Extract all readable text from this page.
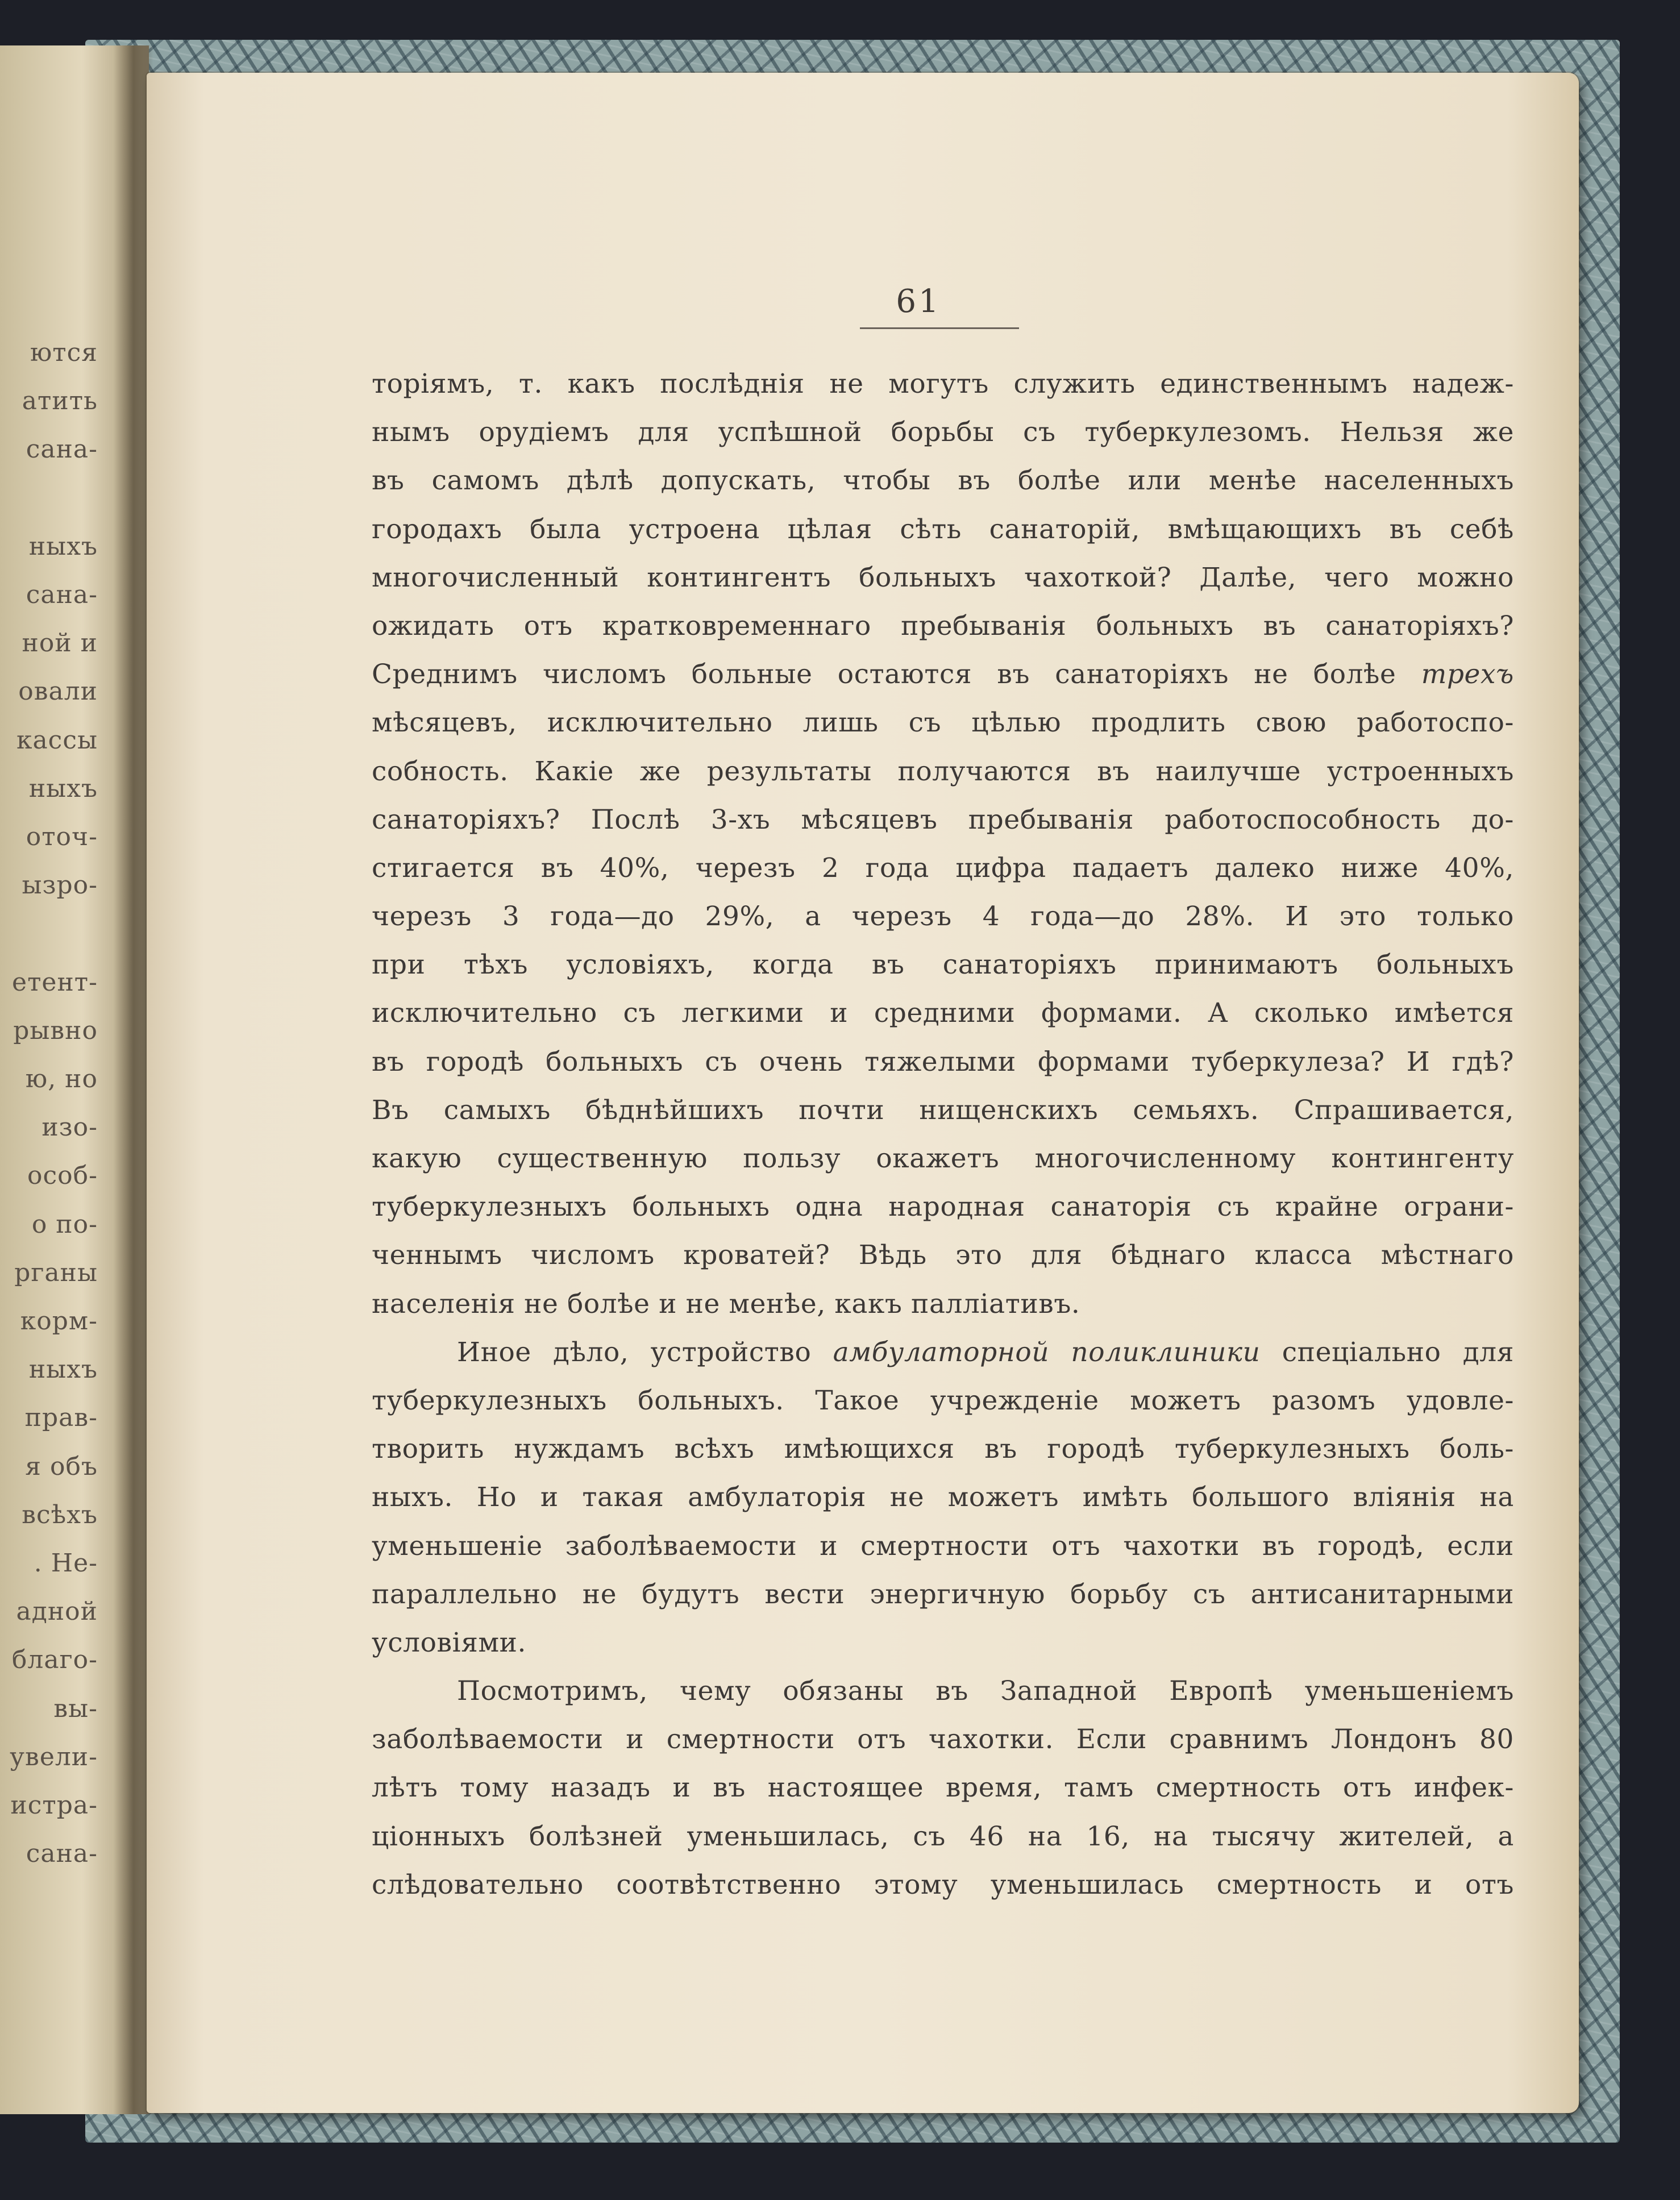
ются
атить
сана-
ныхъ
сана-
ной и
овали
кассы
ныхъ
оточ-
ызро-
етент-
рывно
ю, но
изо-
особ-
о по-
рганы
корм-
ныхъ
прав-
я объ
всѣхъ
. Не-
адной
благо-
вы-
увели-
истра-
сана-
61
торіямъ, т. какъ послѣднія не могутъ служить единственнымъ надеж-
нымъ орудіемъ для успѣшной борьбы съ туберкулезомъ. Нельзя же
въ самомъ дѣлѣ допускать, чтобы въ болѣе или менѣе населенныхъ
городахъ была устроена цѣлая сѣть санаторій, вмѣщающихъ въ себѣ
многочисленный контингентъ больныхъ чахоткой? Далѣе, чего можно
ожидать отъ кратковременнаго пребыванія больныхъ въ санаторіяхъ?
Среднимъ числомъ больные остаются въ санаторіяхъ не болѣе трехъ
мѣсяцевъ, исключительно лишь съ цѣлью продлить свою работоспо-
собность. Какіе же результаты получаются въ наилучше устроенныхъ
санаторіяхъ? Послѣ 3-хъ мѣсяцевъ пребыванія работоспособность до-
стигается въ 40%, черезъ 2 года цифра падаетъ далеко ниже 40%,
черезъ 3 года—до 29%, а черезъ 4 года—до 28%. И это только
при тѣхъ условіяхъ, когда въ санаторіяхъ принимаютъ больныхъ
исключительно съ легкими и средними формами. А сколько имѣется
въ городѣ больныхъ съ очень тяжелыми формами туберкулеза? И гдѣ?
Въ самыхъ бѣднѣйшихъ почти нищенскихъ семьяхъ. Спрашивается,
какую существенную пользу окажетъ многочисленному контингенту
туберкулезныхъ больныхъ одна народная санаторія съ крайне ограни-
ченнымъ числомъ кроватей? Вѣдь это для бѣднаго класса мѣстнаго
населенія не болѣе и не менѣе, какъ палліативъ.
Иное дѣло, устройство амбулаторной поликлиники спеціально для
туберкулезныхъ больныхъ. Такое учрежденіе можетъ разомъ удовле-
творить нуждамъ всѣхъ имѣющихся въ городѣ туберкулезныхъ боль-
ныхъ. Но и такая амбулаторія не можетъ имѣть большого вліянія на
уменьшеніе заболѣваемости и смертности отъ чахотки въ городѣ, если
параллельно не будутъ вести энергичную борьбу съ антисанитарными
условіями.
Посмотримъ, чему обязаны въ Западной Европѣ уменьшеніемъ
заболѣваемости и смертности отъ чахотки. Если сравнимъ Лондонъ 80
лѣтъ тому назадъ и въ настоящее время, тамъ смертность отъ инфек-
ціонныхъ болѣзней уменьшилась, съ 46 на 16, на тысячу жителей, а
слѣдовательно соотвѣтственно этому уменьшилась смертность и отъ
